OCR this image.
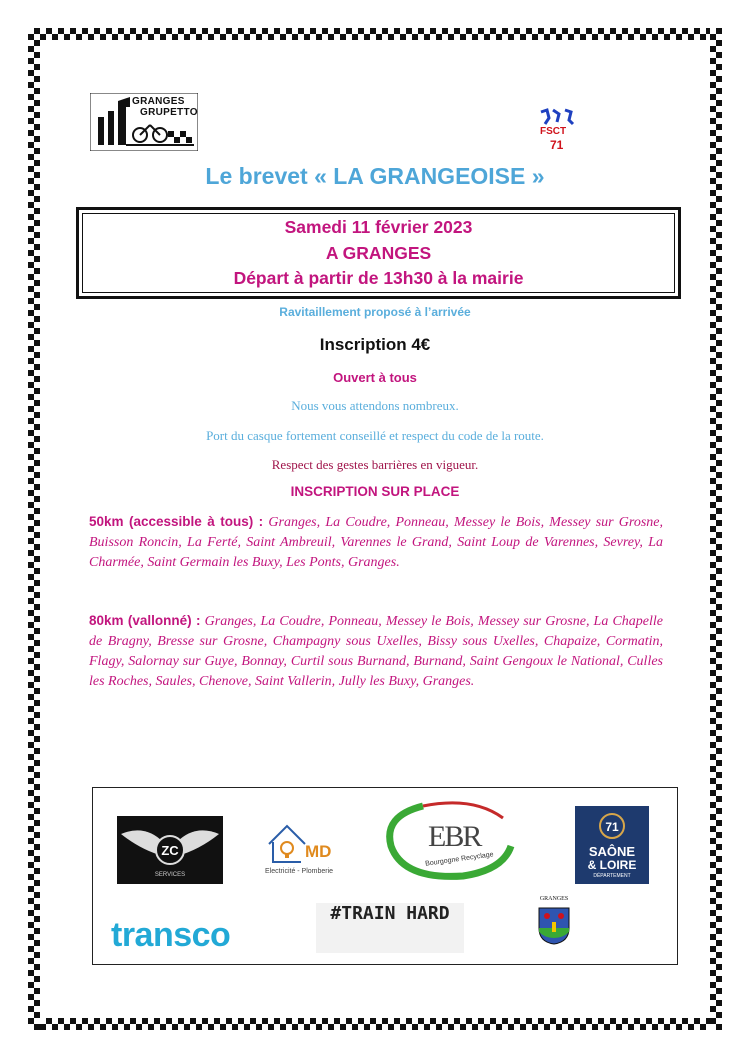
GRANGES
GRUPETTO
FSCT
71
Le brevet « LA GRANGEOISE »
Samedi 11 février 2023
A GRANGES
Départ à partir de 13h30 à la mairie
Ravitaillement proposé à l’arrivée
Inscription 4€
Ouvert à tous
Nous vous attendons nombreux.
Port du casque fortement conseillé et respect du code de la route.
Respect des gestes barrières en vigueur.
INSCRIPTION SUR PLACE
50km (accessible à tous) : Granges, La Coudre, Ponneau, Messey le Bois, Messey sur Grosne, Buisson Roncin, La Ferté, Saint Ambreuil, Varennes le Grand, Saint Loup de Varennes, Sevrey, La Charmée, Saint Germain les Buxy, Les Ponts, Granges.
80km (vallonné) : Granges, La Coudre, Ponneau, Messey le Bois, Messey sur Grosne, La Chapelle de Bragny, Bresse sur Grosne, Champagny sous Uxelles, Bissy sous Uxelles, Chapaize, Cormatin, Flagy, Salornay sur Guye, Bonnay, Curtil sous Burnand, Burnand, Saint Gengoux le National, Culles les Roches, Saules, Chenove, Saint Vallerin, Jully les Buxy, Granges.
ZC
SERVICES
MD
Electricité - Plomberie
EBR
Bourgogne Recyclage
71
SAÔNE
& LOIRE
DÉPARTEMENT
transco
#TRAIN HARD
GRANGES
